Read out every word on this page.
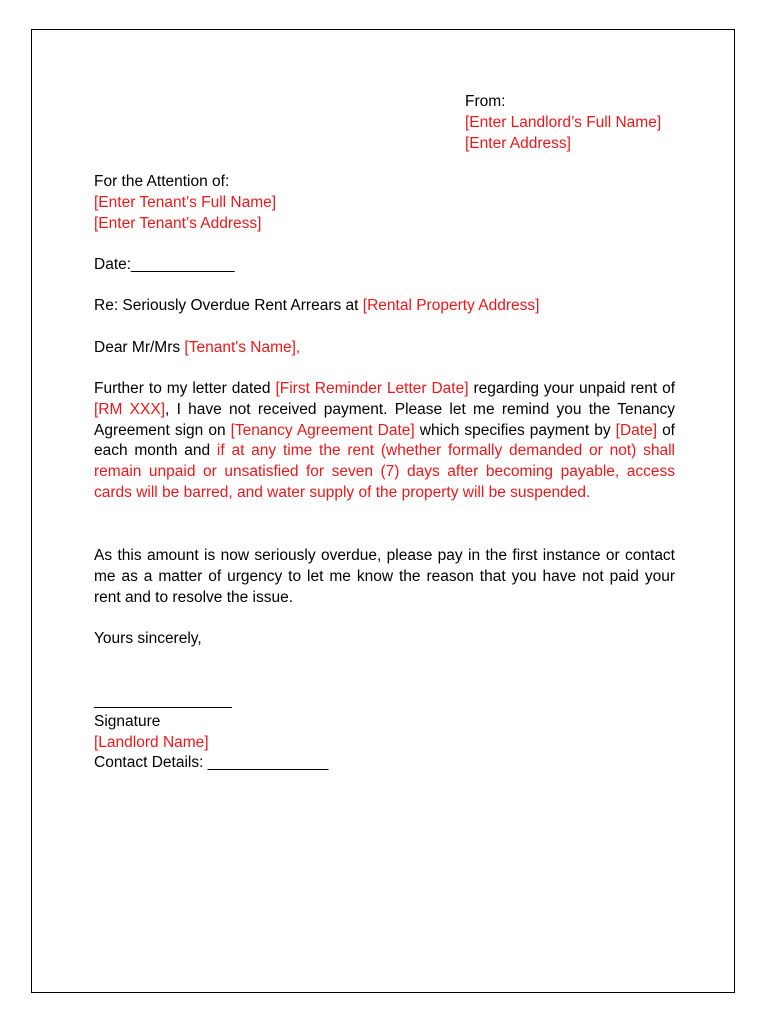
From:
[Enter Landlord’s Full Name]
[Enter Address]
For the Attention of:
[Enter Tenant’s Full Name]
[Enter Tenant’s Address]
Date:____________
Re: Seriously Overdue Rent Arrears at [Rental Property Address]
Dear Mr/Mrs [Tenant's Name],
Further to my letter dated [First Reminder Letter Date] regarding your unpaid rent of [RM XXX], I have not received payment. Please let me remind you the Tenancy Agreement sign on [Tenancy Agreement Date] which specifies payment by [Date] of each month and if at any time the rent (whether formally demanded or not) shall remain unpaid or unsatisfied for seven (7) days after becoming payable, access cards will be barred, and water supply of the property will be suspended.
As this amount is now seriously overdue, please pay in the first instance or contact me as a matter of urgency to let me know the reason that you have not paid your rent and to resolve the issue.
Yours sincerely,
________________
Signature
[Landlord Name]
Contact Details: ______________
